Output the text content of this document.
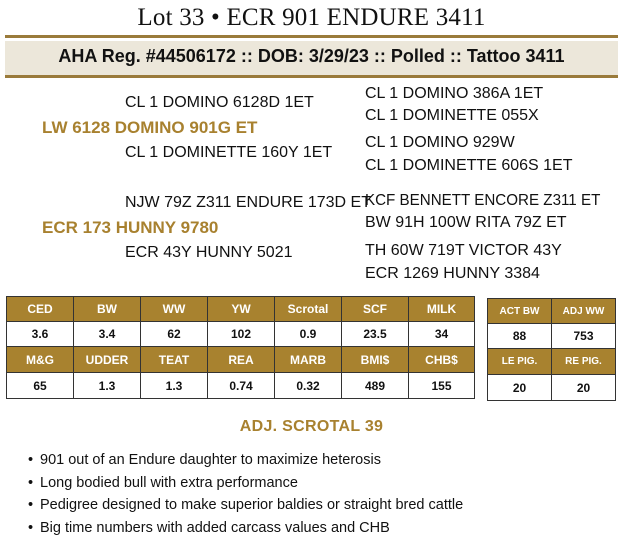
Lot 33 • ECR 901 ENDURE 3411
AHA Reg. #44506172 :: DOB: 3/29/23 :: Polled :: Tattoo 3411
CL 1 DOMINO 6128D 1ET
LW 6128 DOMINO 901G ET
CL 1 DOMINETTE 160Y 1ET
CL 1 DOMINO 386A 1ET
CL 1 DOMINETTE 055X
CL 1 DOMINO 929W
CL 1 DOMINETTE 606S 1ET
NJW 79Z Z311 ENDURE 173D ET
ECR 173 HUNNY 9780
ECR 43Y HUNNY 5021
KCF BENNETT ENCORE Z311 ET
BW 91H 100W RITA 79Z ET
TH 60W 719T VICTOR 43Y
ECR 1269 HUNNY 3384
CED	BW	WW	YW	Scrotal	SCF	MILK
3.6	3.4	62	102	0.9	23.5	34
M&G	UDDER	TEAT	REA	MARB	BMI$	CHB$
65	1.3	1.3	0.74	0.32	489	155
ACT BW	ADJ WW
88	753
LE PIG.	RE PIG.
20	20
ADJ. SCROTAL 39
• 901 out of an Endure daughter to maximize heterosis
• Long bodied bull with extra performance
• Pedigree designed to make superior baldies or straight bred cattle
• Big time numbers with added carcass values and CHB
